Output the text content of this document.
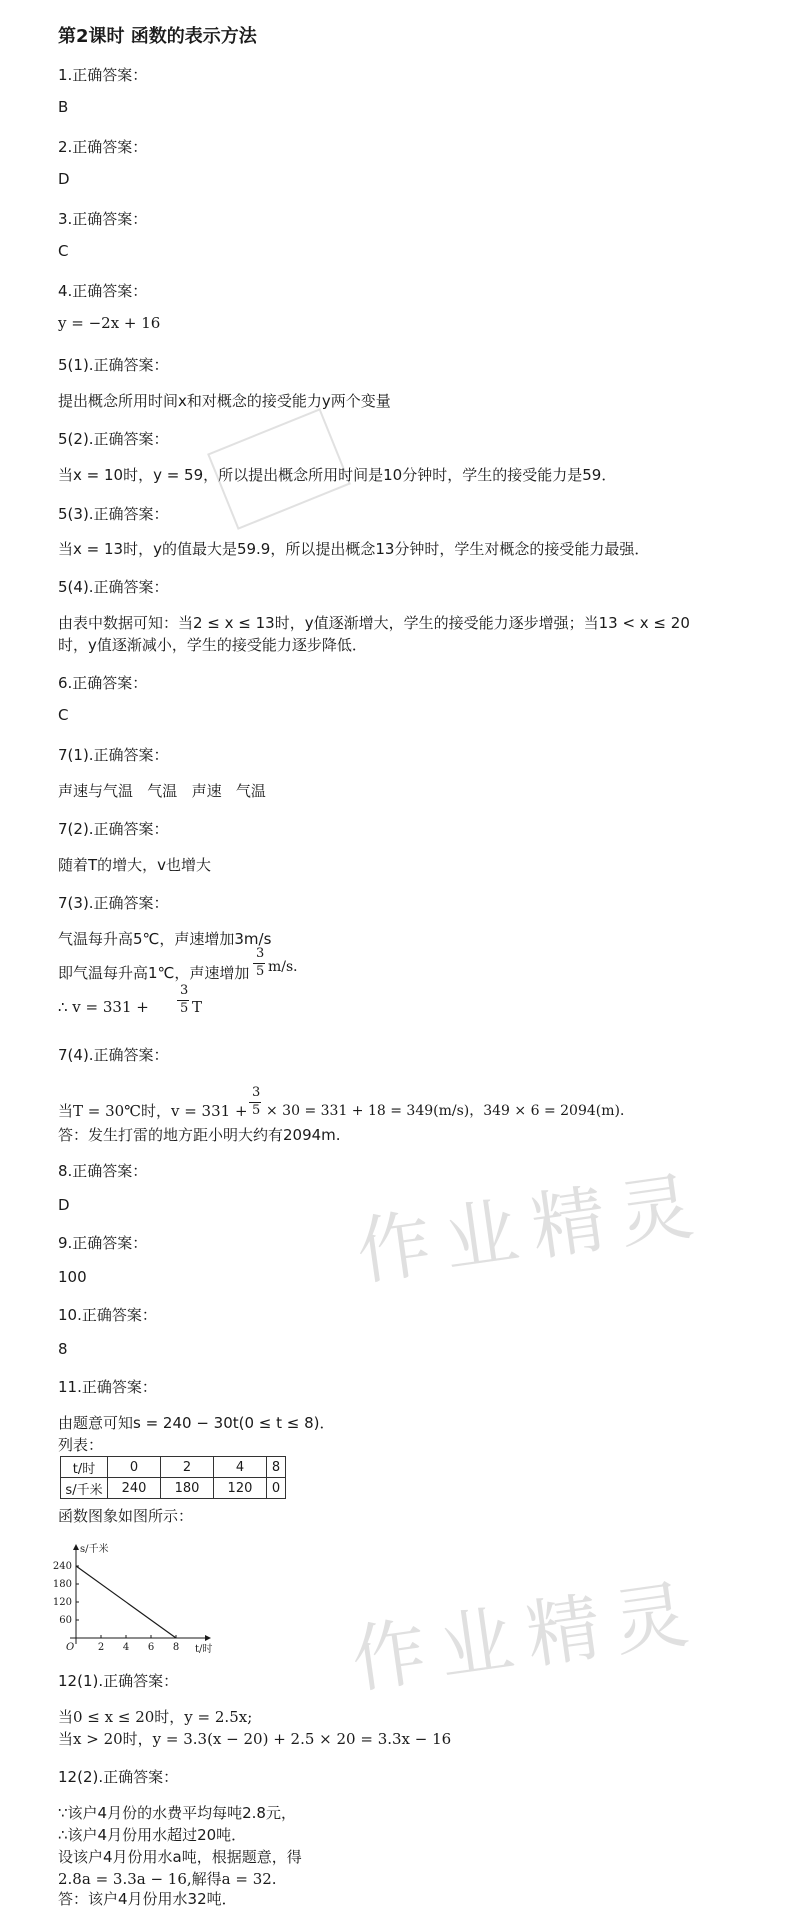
作业精灵
作业精灵
第2课时 函数的表示方法
1.正确答案：
B
2.正确答案：
D
3.正确答案：
C
4.正确答案：
y = −2x + 16
5(1).正确答案：
提出概念所用时间x和对概念的接受能力y两个变量
5(2).正确答案：
当x = 10时，y = 59，所以提出概念所用时间是10分钟时，学生的接受能力是59．
5(3).正确答案：
当x = 13时，y的值最大是59.9，所以提出概念13分钟时，学生对概念的接受能力最强．
5(4).正确答案：
由表中数据可知：当2 ≤ x ≤ 13时，y值逐渐增大，学生的接受能力逐步增强；当13 < x ≤ 20
时，y值逐渐减小，学生的接受能力逐步降低．
6.正确答案：
C
7(1).正确答案：
声速与气温   气温   声速   气温
7(2).正确答案：
随着T的增大，v也增大
7(3).正确答案：
气温每升高5℃，声速增加3m/s
即气温每升高1℃，声速增加
3
5 m/s．
∴ v = 331 +
3
5 T
7(4).正确答案：
当T = 30℃时，v = 331 +
3
5 × 30 = 331 + 18 = 349(m/s)，349 × 6 = 2094(m)．
答：发生打雷的地方距小明大约有2094m.
8.正确答案：
D
9.正确答案：
100
10.正确答案：
8
11.正确答案：
由题意可知s = 240 − 30t(0 ≤ t ≤ 8)．
列表：
t/时	0	2	4	8
s/千米	240	180	120	0
函数图象如图所示：
2 4 6 8
240
180
120
60
O
s/千米
t/时
12(1).正确答案：
当0 ≤ x ≤ 20时，y = 2.5x;
当x > 20时，y = 3.3(x − 20) + 2.5 × 20 = 3.3x − 16
12(2).正确答案：
∵该户4月份的水费平均每吨2.8元，
∴该户4月份用水超过20吨．
设该户4月份用水a吨，根据题意，得
2.8a = 3.3a − 16,解得a = 32.
答：该户4月份用水32吨．
